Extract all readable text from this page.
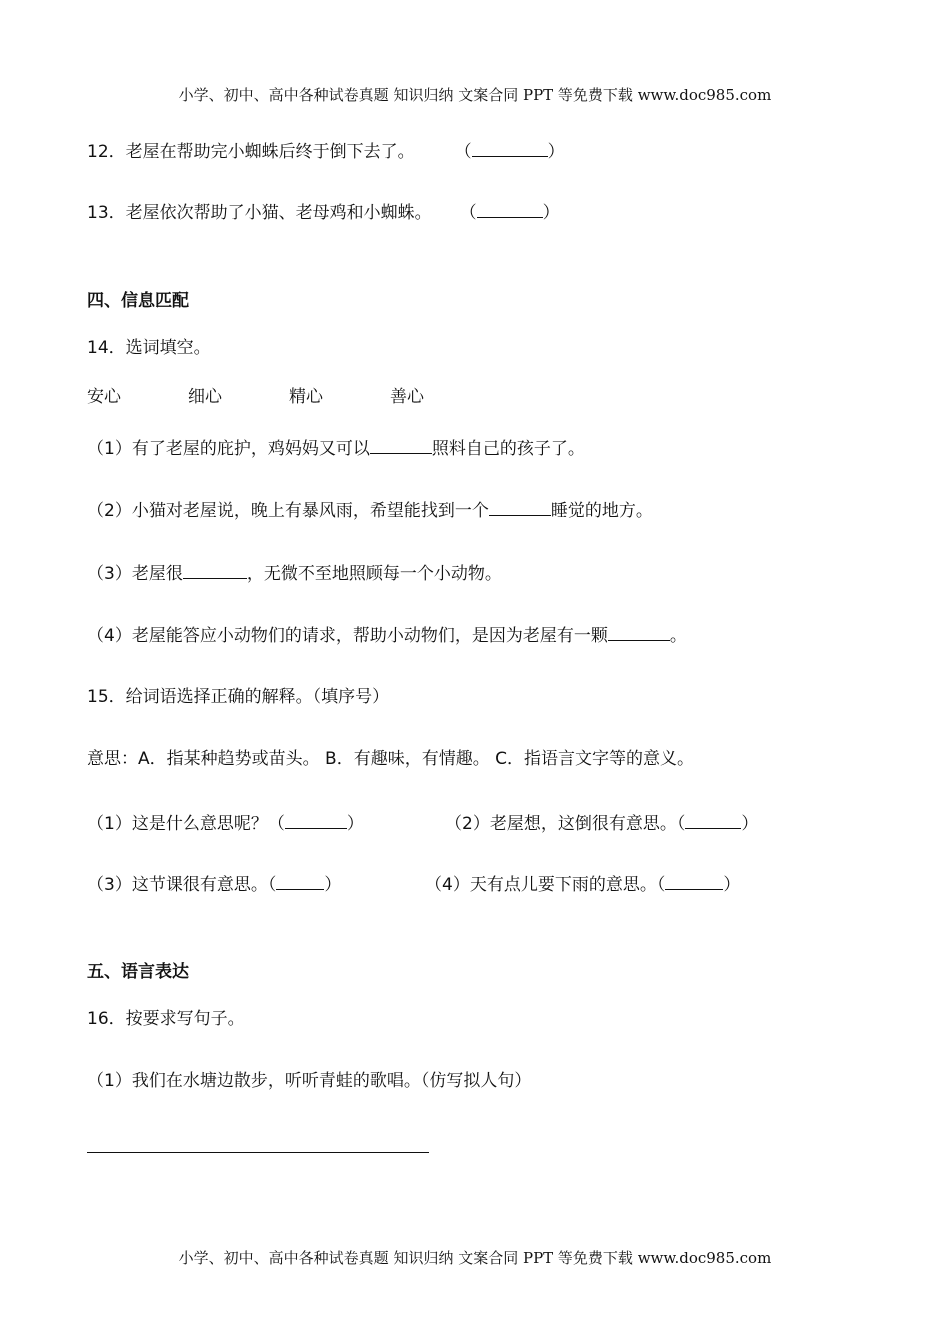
小学、初中、高中各种试卷真题 知识归纳 文案合同 PPT 等免费下载 www.doc985.com
12．老屋在帮助完小蜘蛛后终于倒下去了。 （	）
13．老屋依次帮助了小猫、老母鸡和小蜘蛛。 （	）
四、信息匹配
14．选词填空。
安心	细心	精心	善心
（1）有了老屋的庇护，鸡妈妈又可以	照料自己的孩子了。
（2）小猫对老屋说，晚上有暴风雨，希望能找到一个	睡觉的地方。
（3）老屋很	，无微不至地照顾每一个小动物。
（4）老屋能答应小动物们的请求，帮助小动物们，是因为老屋有一颗	。
15．给词语选择正确的解释。（填序号）
意思：A．指某种趋势或苗头。 B．有趣味，有情趣。 C．指语言文字等的意义。
（1）这是什么意思呢？（	）	（2）老屋想，这倒很有意思。（	）
（3）这节课很有意思。（	）	（4）天有点儿要下雨的意思。（	）
五、语言表达
16．按要求写句子。
（1）我们在水塘边散步，听听青蛙的歌唱。（仿写拟人句）
小学、初中、高中各种试卷真题 知识归纳 文案合同 PPT 等免费下载 www.doc985.com
